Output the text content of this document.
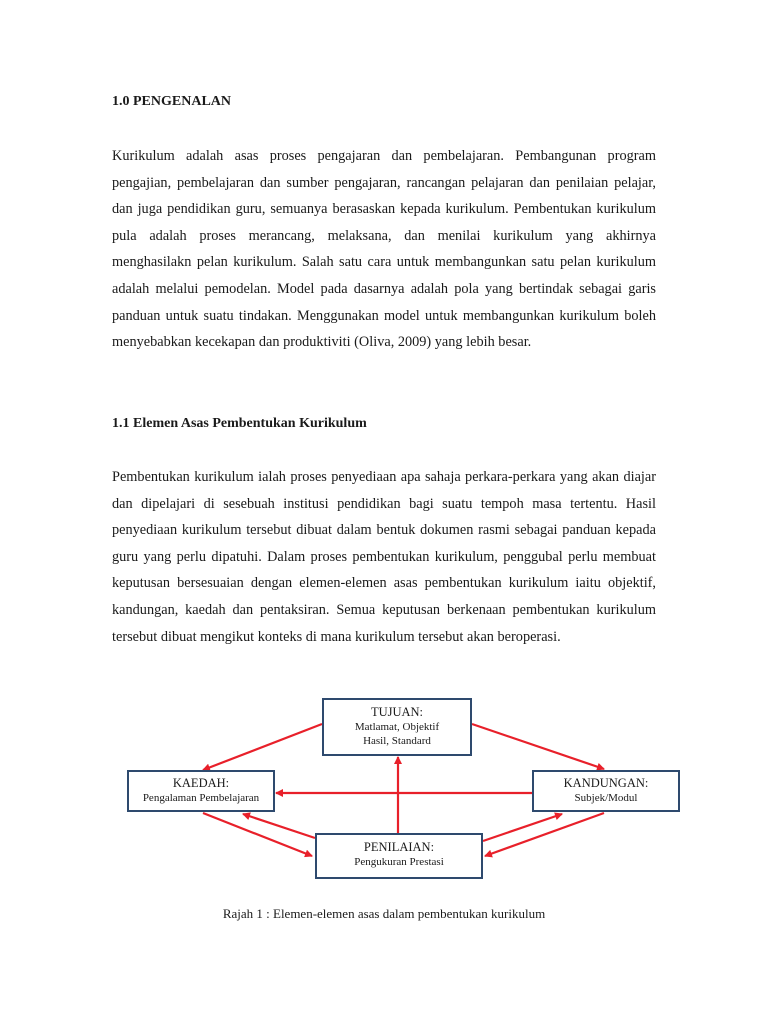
1.0 PENGENALAN

Kurikulum adalah asas proses pengajaran dan pembelajaran. Pembangunan program pengajian, pembelajaran dan sumber pengajaran, rancangan pelajaran dan penilaian pelajar, dan juga pendidikan guru, semuanya berasaskan kepada kurikulum. Pembentukan kurikulum pula adalah proses merancang, melaksana, dan menilai kurikulum yang akhirnya menghasilakn pelan kurikulum. Salah satu cara untuk membangunkan satu pelan kurikulum adalah melalui pemodelan. Model pada dasarnya adalah pola yang bertindak sebagai garis panduan untuk suatu tindakan. Menggunakan model untuk membangunkan kurikulum boleh menyebabkan kecekapan dan produktiviti (Oliva, 2009) yang lebih besar.

1.1 Elemen Asas Pembentukan Kurikulum

Pembentukan kurikulum ialah proses penyediaan apa sahaja perkara-perkara yang akan diajar dan dipelajari di sesebuah institusi pendidikan bagi suatu tempoh masa tertentu. Hasil penyediaan kurikulum tersebut dibuat dalam bentuk dokumen rasmi sebagai panduan kepada guru yang perlu dipatuhi. Dalam proses pembentukan kurikulum, penggubal perlu membuat keputusan bersesuaian dengan elemen-elemen asas pembentukan kurikulum iaitu objektif, kandungan, kaedah dan pentaksiran. Semua keputusan berkenaan pembentukan kurikulum tersebut dibuat mengikut konteks di mana kurikulum tersebut akan beroperasi.

TUJUAN:
Matlamat, Objektif
Hasil, Standard
KAEDAH:
Pengalaman Pembelajaran
KANDUNGAN:
Subjek/Modul
PENILAIAN:
Pengukuran Prestasi

Rajah 1 : Elemen-elemen asas dalam pembentukan kurikulum
